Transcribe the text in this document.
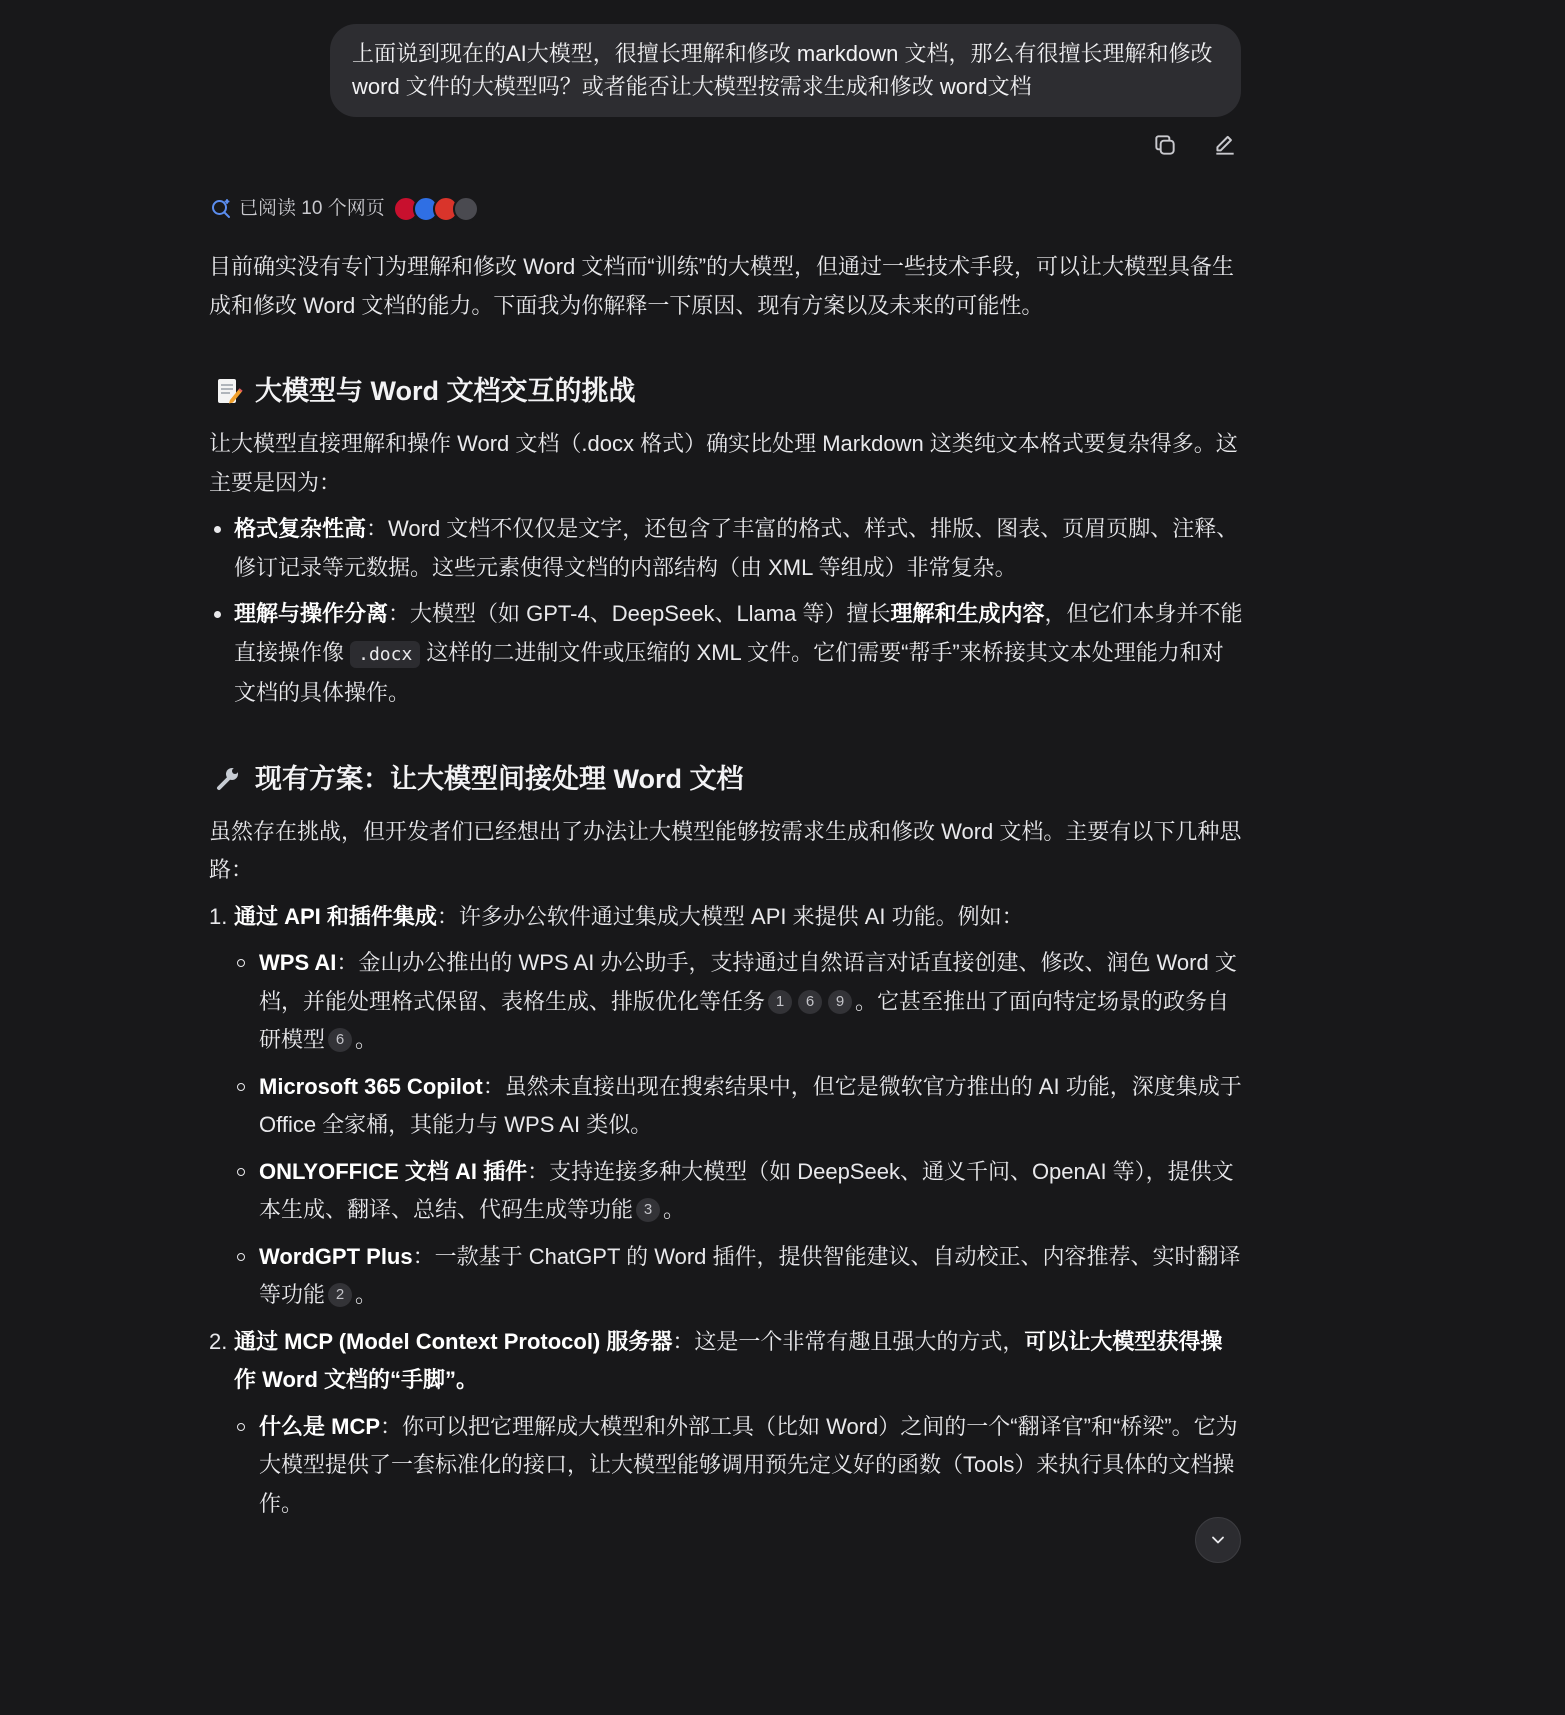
上面说到现在的AI大模型，很擅长理解和修改 markdown 文档，那么有很擅长理解和修改 word 文件的大模型吗？或者能否让大模型按需求生成和修改 word文档
已阅读 10 个网页

目前确实没有专门为理解和修改 Word 文档而“训练”的大模型，但通过一些技术手段，可以让大模型具备生成和修改 Word 文档的能力。下面我为你解释一下原因、现有方案以及未来的可能性。

大模型与 Word 文档交互的挑战

让大模型直接理解和操作 Word 文档（.docx 格式）确实比处理 Markdown 这类纯文本格式要复杂得多。这主要是因为：

格式复杂性高：Word 文档不仅仅是文字，还包含了丰富的格式、样式、排版、图表、页眉页脚、注释、修订记录等元数据。这些元素使得文档的内部结构（由 XML 等组成）非常复杂。
理解与操作分离：大模型（如 GPT-4、DeepSeek、Llama 等）擅长理解和生成内容，但它们本身并不能直接操作像 .docx 这样的二进制文件或压缩的 XML 文件。它们需要“帮手”来桥接其文本处理能力和对文档的具体操作。
现有方案：让大模型间接处理 Word 文档

虽然存在挑战，但开发者们已经想出了办法让大模型能够按需求生成和修改 Word 文档。主要有以下几种思路：

1. 通过 API 和插件集成：许多办公软件通过集成大模型 API 来提供 AI 功能。例如：
WPS AI：金山办公推出的 WPS AI 办公助手，支持通过自然语言对话直接创建、修改、润色 Word 文档，并能处理格式保留、表格生成、排版优化等任务 1 6 9 。它甚至推出了面向特定场景的政务自研模型 6 。
Microsoft 365 Copilot：虽然未直接出现在搜索结果中，但它是微软官方推出的 AI 功能，深度集成于 Office 全家桶，其能力与 WPS AI 类似。
ONLYOFFICE 文档 AI 插件：支持连接多种大模型（如 DeepSeek、通义千问、OpenAI 等），提供文本生成、翻译、总结、代码生成等功能 3 。
WordGPT Plus：一款基于 ChatGPT 的 Word 插件，提供智能建议、自动校正、内容推荐、实时翻译等功能 2 。
2. 通过 MCP (Model Context Protocol) 服务器：这是一个非常有趣且强大的方式，可以让大模型获得操作 Word 文档的“手脚”。
什么是 MCP：你可以把它理解成大模型和外部工具（比如 Word）之间的一个“翻译官”和“桥梁”。它为大模型提供了一套标准化的接口，让大模型能够调用预先定义好的函数（Tools）来执行具体的文档操作。
